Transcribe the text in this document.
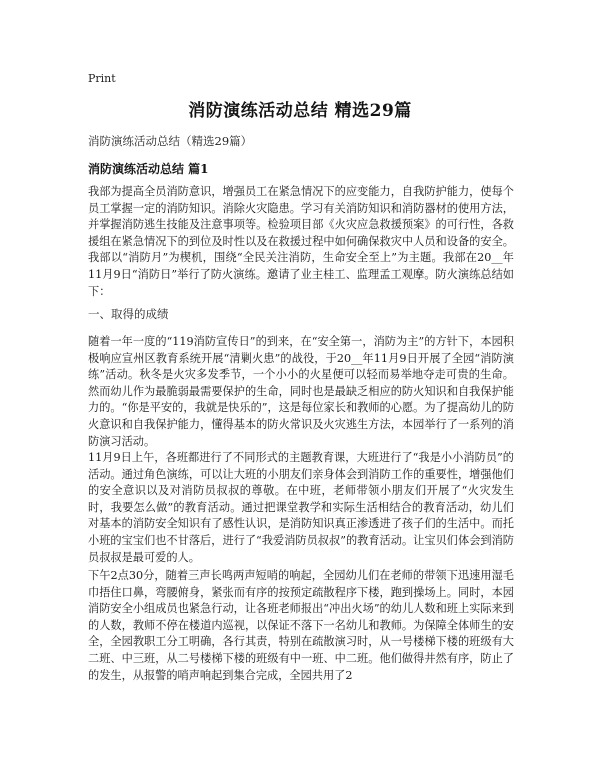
Print
消防演练活动总结 精选29篇
消防演练活动总结（精选29篇）
消防演练活动总结 篇1

我部为提高全员消防意识，增强员工在紧急情况下的应变能力，自我防护能力，使每个员工掌握一定的消防知识。消除火灾隐患。学习有关消防知识和消防器材的使用方法，并掌握消防逃生技能及注意事项等。检验项目部《火灾应急救援预案》的可行性，各救援组在紧急情况下的到位及时性以及在救援过程中如何确保救灾中人员和设备的安全。我部以“消防月”为楔机，围绕“全民关注消防，生命安全至上”为主题。我部在20__年11月9日“消防日”举行了防火演练。邀请了业主桂工、监理孟工观摩。防火演练总结如下：

一、取得的成绩

随着一年一度的“119消防宣传日”的到来，在“安全第一，消防为主”的方针下，本园积极响应宣州区教育系统开展“清剿火患”的战役，于20__年11月9日开展了全园“消防演练”活动。秋冬是火灾多发季节，一个小小的火星便可以轻而易举地夺走可贵的生命。然而幼儿作为最脆弱最需要保护的生命，同时也是最缺乏相应的防火知识和自我保护能力的。“你是平安的，我就是快乐的”，这是每位家长和教师的心愿。为了提高幼儿的防火意识和自我保护能力，懂得基本的防火常识及火灾逃生方法，本园举行了一系列的消防演习活动。

11月9日上午，各班都进行了不同形式的主题教育课，大班进行了“我是小小消防员”的活动。通过角色演练，可以让大班的小朋友们亲身体会到消防工作的重要性，增强他们的安全意识以及对消防员叔叔的尊敬。在中班，老师带领小朋友们开展了“火灾发生时，我要怎么做”的教育活动。通过把课堂教学和实际生活相结合的教育活动，幼儿们对基本的消防安全知识有了感性认识，是消防知识真正渗透进了孩子们的生活中。而托小班的宝宝们也不甘落后，进行了“我爱消防员叔叔”的教育活动。让宝贝们体会到消防员叔叔是最可爱的人。

下午2点30分，随着三声长鸣两声短哨的响起，全园幼儿们在老师的带领下迅速用湿毛巾捂住口鼻，弯腰俯身，紧张而有序的按预定疏散程序下楼，跑到操场上。同时，本园消防安全小组成员也紧急行动，让各班老师报出“冲出火场”的幼儿人数和班上实际来到的人数，教师不停在楼道内巡视，以保证不落下一名幼儿和教师。为保障全体师生的安全，全园教职工分工明确，各行其责，特别在疏散演习时，从一号楼梯下楼的班级有大二班、中三班，从二号楼梯下楼的班级有中一班、中二班。他们做得井然有序，防止了的发生，从报警的哨声响起到集合完成，全园共用了2
